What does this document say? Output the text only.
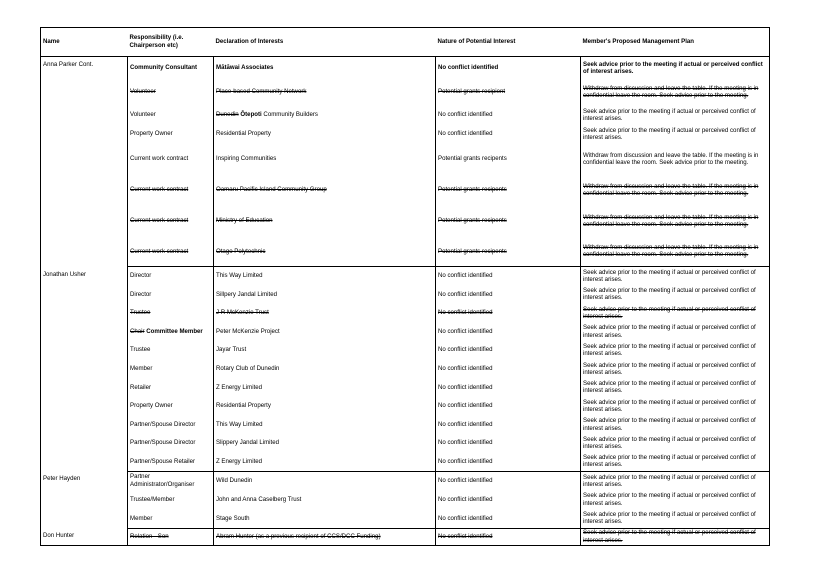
Name	Responsibility (i.e. Chairperson etc)	Declaration of Interests	Nature of Potential Interest	Member's Proposed Management Plan
Anna Parker Cont.	Community Consultant	Mātāwai Associates	No conflict identified	Seek advice prior to the meeting if actual or perceived conflict of interest arises.
	Volunteer	Place-based Community Network	Potential grants recipient	Withdraw from discussion and leave the table. If the meeting is in confidential leave the room. Seek advice prior to the meeting.
	Volunteer	Dunedin Ōtepoti Community Builders	No conflict identified	Seek advice prior to the meeting if actual or perceived conflict of interest arises.
	Property Owner	Residential Property	No conflict identified	Seek advice prior to the meeting if actual or perceived conflict of interest arises.
	Current work contract	Inspiring Communities	Potential grants recipents	Withdraw from discussion and leave the table. If the meeting is in confidential leave the room. Seek advice prior to the meeting.
	Current work contract	Oamaru Pacific Island Community Group	Potential grants recipents	Withdraw from discussion and leave the table. If the meeting is in confidential leave the room. Seek advice prior to the meeting.
	Current work contract	Ministry of Education	Potential grants recipents	Withdraw from discussion and leave the table. If the meeting is in confidential leave the room. Seek advice prior to the meeting.
	Current work contract	Otago Polytechnic	Potential grants recipents	Withdraw from discussion and leave the table. If the meeting is in confidential leave the room. Seek advice prior to the meeting.
Jonathan Usher	Director	This Way Limited	No conflict identified	Seek advice prior to the meeting if actual or perceived conflict of interest arises.
	Director	Sillpery Jandal Limited	No conflict identified	Seek advice prior to the meeting if actual or perceived conflict of interest arises.
	Trustee	J R McKenzie Trust	No conflict identified	Seek advice prior to the meeting if actual or perceived conflict of interest arises.
	Chair Committee Member	Peter McKenzie Project	No conflict identified	Seek advice prior to the meeting if actual or perceived conflict of interest arises.
	Trustee	Jayar Trust	No conflict identified	Seek advice prior to the meeting if actual or perceived conflict of interest arises.
	Member	Rotary Club of Dunedin	No conflict identified	Seek advice prior to the meeting if actual or perceived conflict of interest arises.
	Retailer	Z Energy Limited	No conflict identified	Seek advice prior to the meeting if actual or perceived conflict of interest arises.
	Property Owner	Residential Property	No conflict identified	Seek advice prior to the meeting if actual or perceived conflict of interest arises.
	Partner/Spouse Director	This Way Limited	No conflict identified	Seek advice prior to the meeting if actual or perceived conflict of interest arises.
	Partner/Spouse Director	Slippery Jandal Limited	No conflict identified	Seek advice prior to the meeting if actual or perceived conflict of interest arises.
	Partner/Spouse Retailer	Z Energy Limited	No conflict identified	Seek advice prior to the meeting if actual or perceived conflict of interest arises.
Peter Hayden	Partner Administrator/Organiser	Wild Dunedin	No conflict identified	Seek advice prior to the meeting if actual or perceived conflict of interest arises.
	Trustee/Member	John and Anna Caselberg Trust	No conflict identified	Seek advice prior to the meeting if actual or perceived conflict of interest arises.
	Member	Stage South	No conflict identified	Seek advice prior to the meeting if actual or perceived conflict of interest arises.
Don Hunter	Relation - Son	Abram Hunter (as a previous recipient of CCS/DCC Funding)	No conflict identified	Seek advice prior to the meeting if actual or perceived conflict of interest arises.
